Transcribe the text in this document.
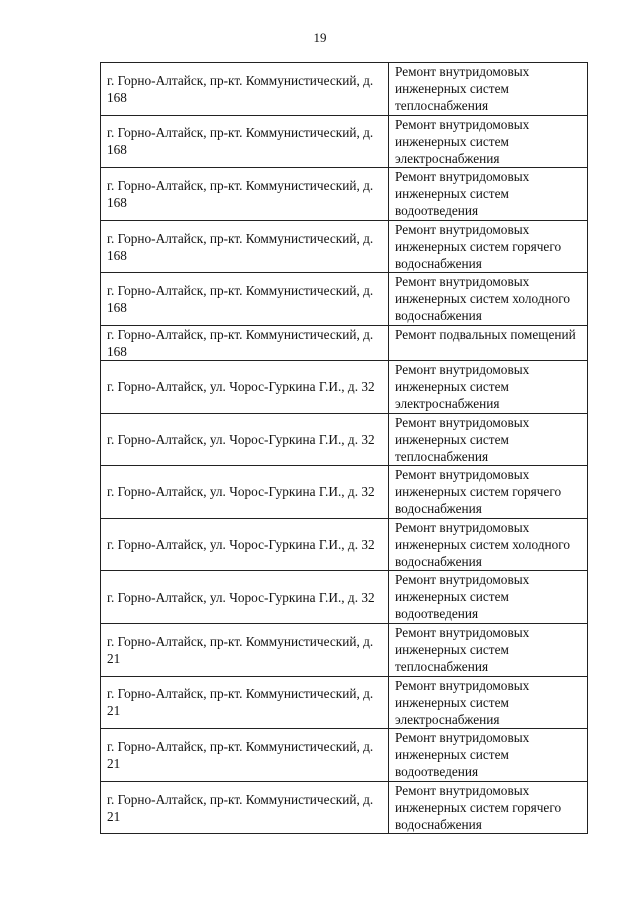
19
г. Горно-Алтайск, пр-кт. Коммунистический, д. 168	Ремонт внутридомовых инженерных систем теплоснабжения
г. Горно-Алтайск, пр-кт. Коммунистический, д. 168	Ремонт внутридомовых инженерных систем электроснабжения
г. Горно-Алтайск, пр-кт. Коммунистический, д. 168	Ремонт внутридомовых инженерных систем водоотведения
г. Горно-Алтайск, пр-кт. Коммунистический, д. 168	Ремонт внутридомовых инженерных систем горячего водоснабжения
г. Горно-Алтайск, пр-кт. Коммунистический, д. 168	Ремонт внутридомовых инженерных систем холодного водоснабжения
г. Горно-Алтайск, пр-кт. Коммунистический, д. 168	Ремонт подвальных помещений
г. Горно-Алтайск, ул. Чорос-Гуркина Г.И., д. 32	Ремонт внутридомовых инженерных систем электроснабжения
г. Горно-Алтайск, ул. Чорос-Гуркина Г.И., д. 32	Ремонт внутридомовых инженерных систем теплоснабжения
г. Горно-Алтайск, ул. Чорос-Гуркина Г.И., д. 32	Ремонт внутридомовых инженерных систем горячего водоснабжения
г. Горно-Алтайск, ул. Чорос-Гуркина Г.И., д. 32	Ремонт внутридомовых инженерных систем холодного водоснабжения
г. Горно-Алтайск, ул. Чорос-Гуркина Г.И., д. 32	Ремонт внутридомовых инженерных систем водоотведения
г. Горно-Алтайск, пр-кт. Коммунистический, д. 21	Ремонт внутридомовых инженерных систем теплоснабжения
г. Горно-Алтайск, пр-кт. Коммунистический, д. 21	Ремонт внутридомовых инженерных систем электроснабжения
г. Горно-Алтайск, пр-кт. Коммунистический, д. 21	Ремонт внутридомовых инженерных систем водоотведения
г. Горно-Алтайск, пр-кт. Коммунистический, д. 21	Ремонт внутридомовых инженерных систем горячего водоснабжения
